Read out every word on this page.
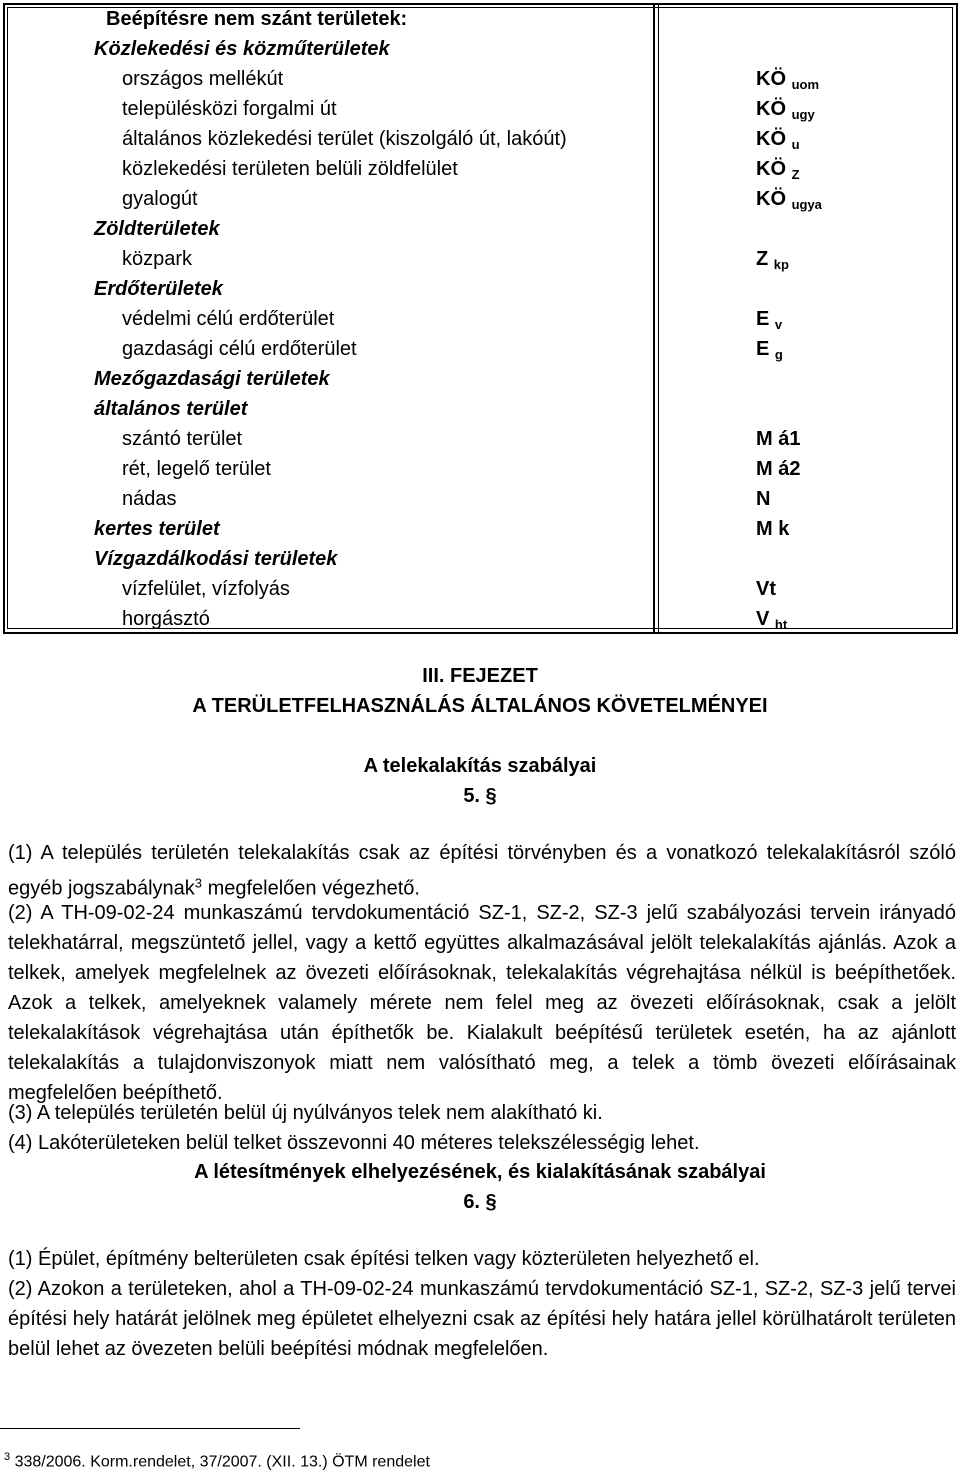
Beépítésre nem szánt területek:
Közlekedési és közműterületek
országos mellékút	KÖ $_{uom}$
településközi forgalmi út	KÖ $_{ugy}$
általános közlekedési terület (kiszolgáló út, lakóút)	KÖ $_u$
közlekedési területen belüli zöldfelület	KÖ $_Z$
gyalogút	KÖ $_{ugya}$
Zöldterületek
közpark	Z $_{kp}$
Erdőterületek
védelmi célú erdőterület	E $_v$
gazdasági célú erdőterület	E $_g$
Mezőgazdasági területek
általános terület
szántó terület	M á1
rét, legelő terület	M á2
nádas	N
kertes terület	M k
Vízgazdálkodási területek
vízfelület, vízfolyás	Vt
horgásztó	V $_{ht}$
III. FEJEZET
A TERÜLETFELHASZNÁLÁS ÁLTALÁNOS KÖVETELMÉNYEI
A telekalakítás szabályai
5. §
(1) A település területén telekalakítás csak az építési törvényben és a vonatkozó telekalakításról szóló egyéb jogszabálynak$^3$ megfelelően végezhető.
(2) A TH-09-02-24 munkaszámú tervdokumentáció SZ-1, SZ-2, SZ-3 jelű szabályozási tervein irányadó telekhatárral, megszüntető jellel, vagy a kettő együttes alkalmazásával jelölt telekalakítás ajánlás. Azok a telkek, amelyek megfelelnek az övezeti előírásoknak, telekalakítás végrehajtása nélkül is beépíthetőek. Azok a telkek, amelyeknek valamely mérete nem felel meg az övezeti előírásoknak, csak a jelölt telekalakítások végrehajtása után építhetők be. Kialakult beépítésű területek esetén, ha az ajánlott telekalakítás a tulajdonviszonyok miatt nem valósítható meg, a telek a tömb övezeti előírásainak megfelelően beépíthető.
(3) A település területén belül új nyúlványos telek nem alakítható ki.
(4) Lakóterületeken belül telket összevonni 40 méteres telekszélességig lehet.
A létesítmények elhelyezésének, és kialakításának szabályai
6. §
(1) Épület, építmény belterületen csak építési telken vagy közterületen helyezhető el.
(2) Azokon a területeken, ahol a TH-09-02-24 munkaszámú tervdokumentáció SZ-1, SZ-2, SZ-3 jelű tervei építési hely határát jelölnek meg épületet elhelyezni csak az építési hely határa jellel körülhatárolt területen belül lehet az övezeten belüli beépítési módnak megfelelően.
$^3$ 338/2006. Korm.rendelet, 37/2007. (XII. 13.) ÖTM rendelet
